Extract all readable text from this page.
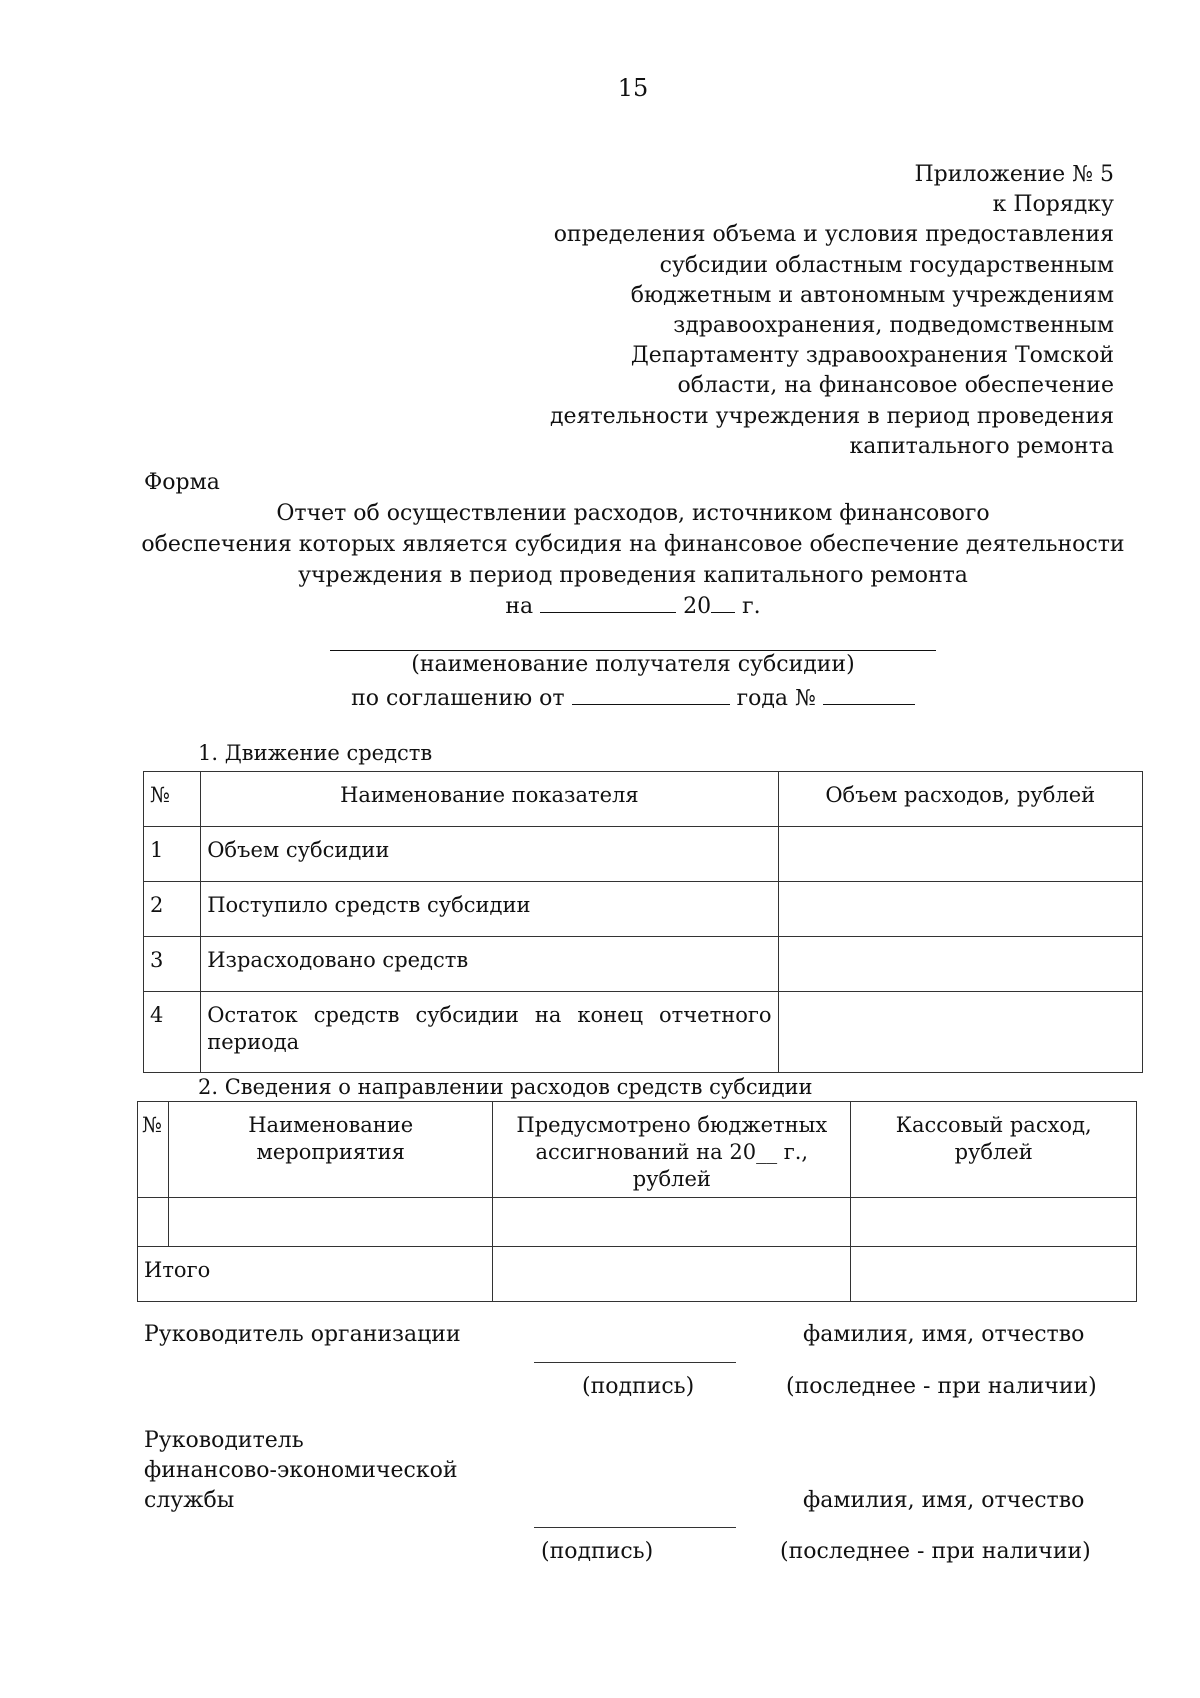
15
Приложение № 5
к Порядку
определения объема и условия предоставления
субсидии областным государственным
бюджетным и автономным учреждениям
здравоохранения, подведомственным
Департаменту здравоохранения Томской
области, на финансовое обеспечение
деятельности учреждения в период проведения
капитального ремонта
Форма
Отчет об осуществлении расходов, источником финансового
обеспечения которых является субсидия на финансовое обеспечение деятельности
учреждения в период проведения капитального ремонта
на	20 г.
(наименование получателя субсидии)
по соглашению от	года №
1. Движение средств
№	Наименование показателя	Объем расходов, рублей
1	Объем субсидии	
2	Поступило средств субсидии	
3	Израсходовано средств	
4	Остаток средств субсидии на конец отчетного периода	
2. Сведения о направлении расходов средств субсидии
№	Наименование мероприятия	Предусмотрено бюджетных ассигнований на 20__ г., рублей	Кассовый расход, рублей

Итого			
Руководитель организации	фамилия, имя, отчество
(подпись)	(последнее - при наличии)
Руководитель
финансово-экономической
службы	фамилия, имя, отчество
(подпись)	(последнее - при наличии)
